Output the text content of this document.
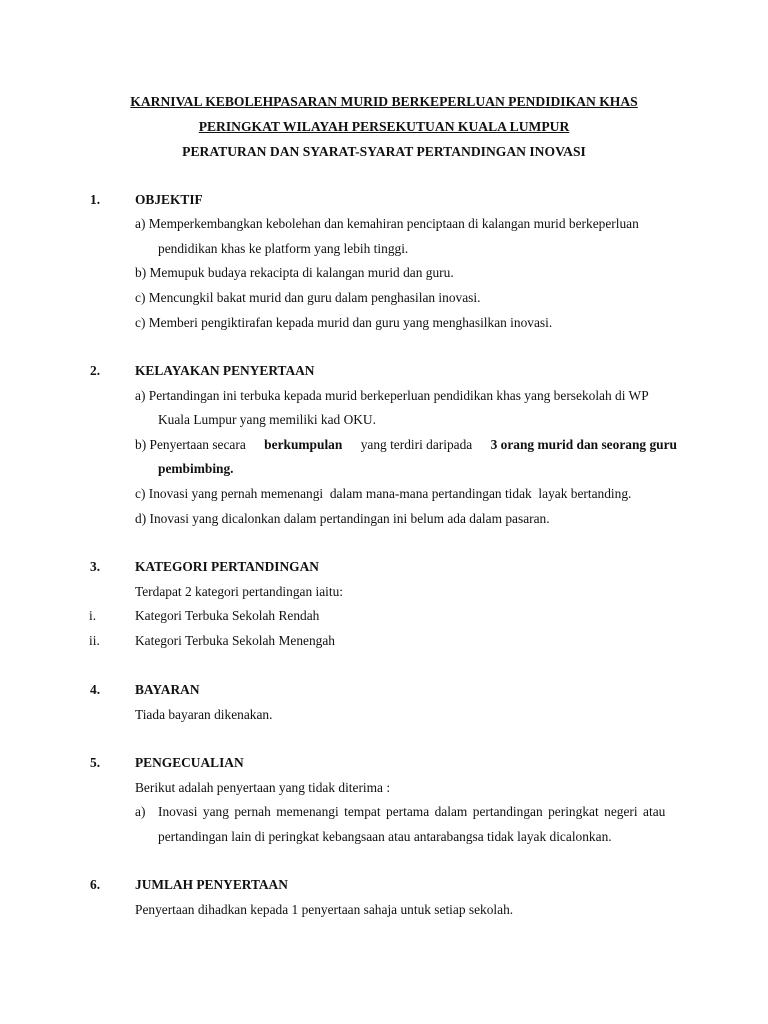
KARNIVAL KEBOLEHPASARAN MURID BERKEPERLUAN PENDIDIKAN KHAS
PERINGKAT WILAYAH PERSEKUTUAN KUALA LUMPUR
PERATURAN DAN SYARAT-SYARAT PERTANDINGAN INOVASI
1.	OBJEKTIF
a) Memperkembangkan kebolehan dan kemahiran penciptaan di kalangan murid berkeperluan
pendidikan khas ke platform yang lebih tinggi.
b) Memupuk budaya rekacipta di kalangan murid dan guru.
c) Mencungkil bakat murid dan guru dalam penghasilan inovasi.
c) Memberi pengiktirafan kepada murid dan guru yang menghasilkan inovasi.
2.	KELAYAKAN PENYERTAAN
a) Pertandingan ini terbuka kepada murid berkeperluan pendidikan khas yang bersekolah di WP
Kuala Lumpur yang memiliki kad OKU.
b) Penyertaan secara berkumpulan yang terdiri daripada 3 orang murid dan seorang guru
pembimbing.
c) Inovasi yang pernah memenangi  dalam mana-mana pertandingan tidak  layak bertanding.
d) Inovasi yang dicalonkan dalam pertandingan ini belum ada dalam pasaran.
3.	KATEGORI PERTANDINGAN
Terdapat 2 kategori pertandingan iaitu:
i.	Kategori Terbuka Sekolah Rendah
ii.	Kategori Terbuka Sekolah Menengah
4.	BAYARAN
Tiada bayaran dikenakan.
5.	PENGECUALIAN
Berikut adalah penyertaan yang tidak diterima :
a) Inovasi yang pernah memenangi tempat pertama dalam pertandingan peringkat negeri atau
pertandingan lain di peringkat kebangsaan atau antarabangsa tidak layak dicalonkan.
6.	JUMLAH PENYERTAAN
Penyertaan dihadkan kepada 1 penyertaan sahaja untuk setiap sekolah.
